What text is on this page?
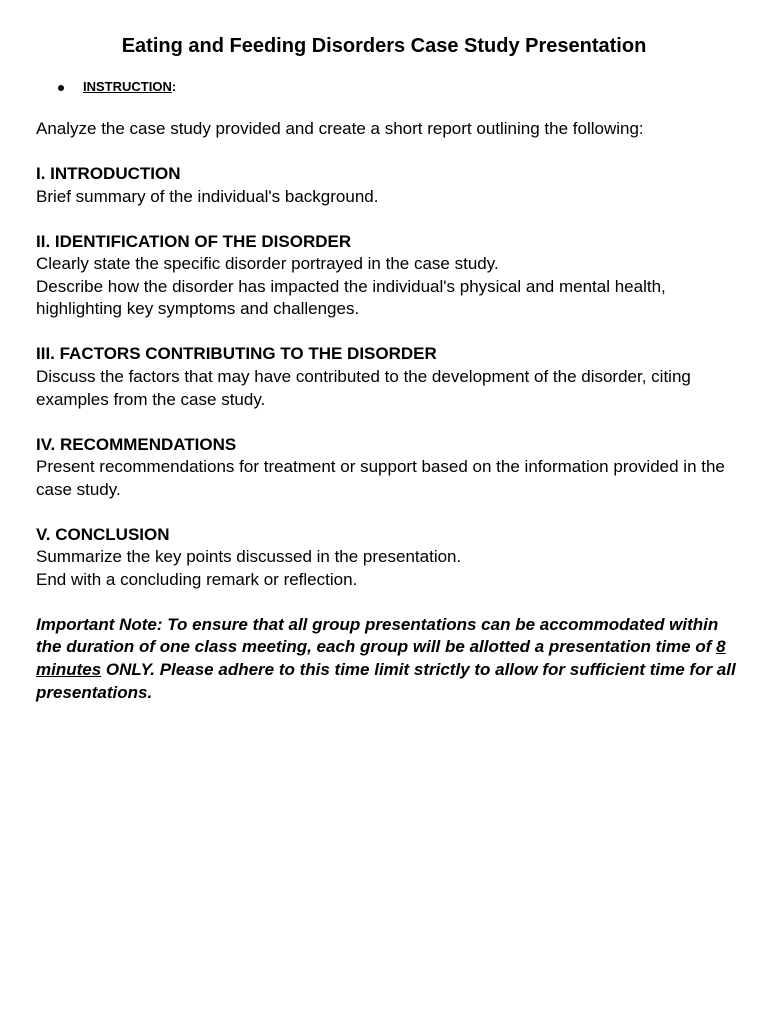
Eating and Feeding Disorders Case Study Presentation
INSTRUCTION :

Analyze the case study provided and create a short report outlining the following:

I. INTRODUCTION

Brief summary of the individual's background.

II. IDENTIFICATION OF THE DISORDER

Clearly state the specific disorder portrayed in the case study.

Describe how the disorder has impacted the individual's physical and mental health, highlighting key symptoms and challenges.

III. FACTORS CONTRIBUTING TO THE DISORDER

Discuss the factors that may have contributed to the development of the disorder, citing examples from the case study.

IV. RECOMMENDATIONS

Present recommendations for treatment or support based on the information provided in the case study.

V. CONCLUSION

Summarize the key points discussed in the presentation.

End with a concluding remark or reflection.

Important Note: To ensure that all group presentations can be accommodated within the duration of one class meeting, each group will be allotted a presentation time of 8 minutes ONLY. Please adhere to this time limit strictly to allow for sufficient time for all presentations.
